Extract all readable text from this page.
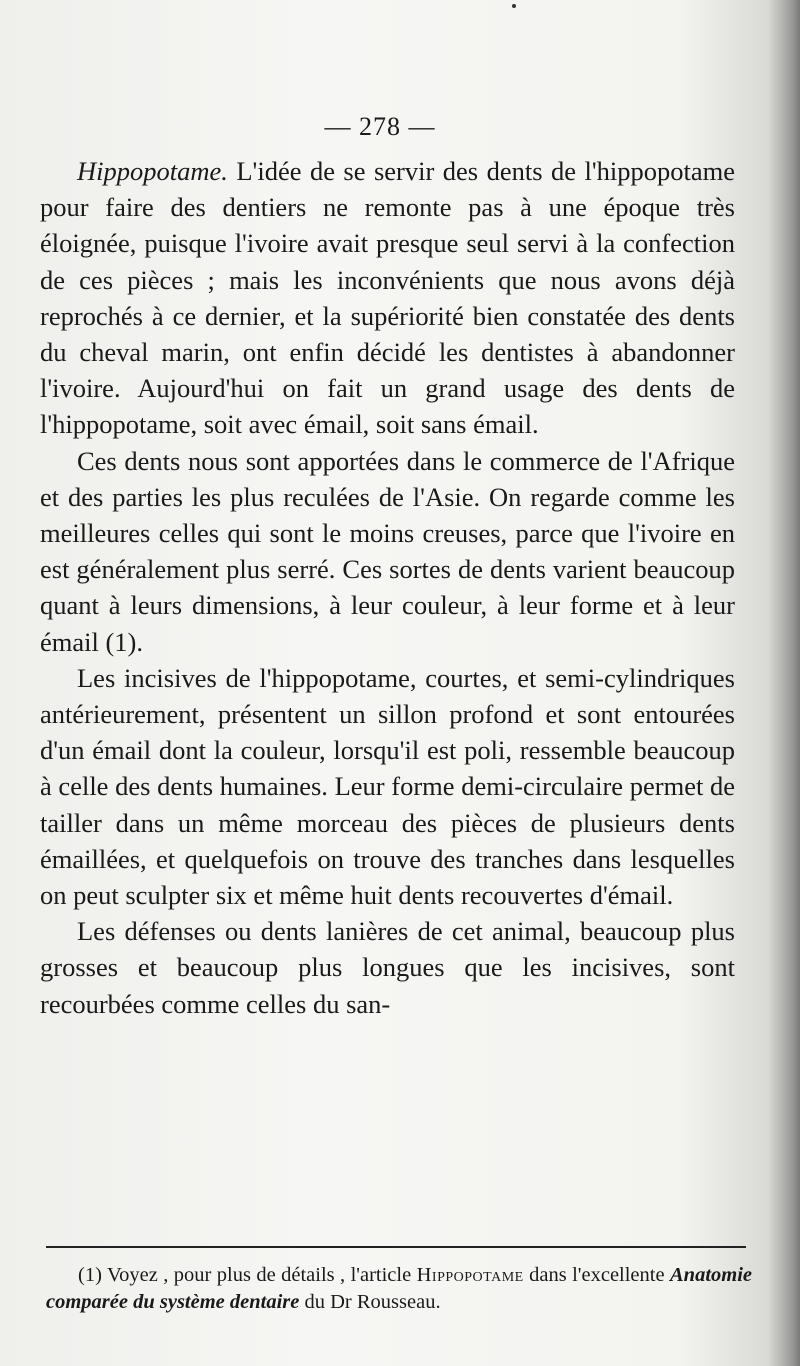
— 278 —

Hippopotame. L'idée de se servir des dents de l'hippopotame pour faire des dentiers ne remonte pas à une époque très éloignée, puisque l'ivoire avait presque seul servi à la confection de ces pièces ; mais les inconvénients que nous avons déjà reprochés à ce dernier, et la supériorité bien constatée des dents du cheval marin, ont enfin décidé les dentistes à abandonner l'ivoire. Aujourd'hui on fait un grand usage des dents de l'hippopotame, soit avec émail, soit sans émail.

Ces dents nous sont apportées dans le commerce de l'Afrique et des parties les plus reculées de l'Asie. On regarde comme les meilleures celles qui sont le moins creuses, parce que l'ivoire en est généralement plus serré. Ces sortes de dents varient beaucoup quant à leurs dimensions, à leur couleur, à leur forme et à leur émail (1).

Les incisives de l'hippopotame, courtes, et semi-cylindriques antérieurement, présentent un sillon profond et sont entourées d'un émail dont la couleur, lorsqu'il est poli, ressemble beaucoup à celle des dents humaines. Leur forme demi-circulaire permet de tailler dans un même morceau des pièces de plusieurs dents émaillées, et quelquefois on trouve des tranches dans lesquelles on peut sculpter six et même huit dents recouvertes d'émail.

Les défenses ou dents lanières de cet animal, beaucoup plus grosses et beaucoup plus longues que les incisives, sont recourbées comme celles du san-

(1) Voyez , pour plus de détails , l'article Hippopotame dans l'excellente Anatomie comparée du système dentaire du Dr Rousseau.
